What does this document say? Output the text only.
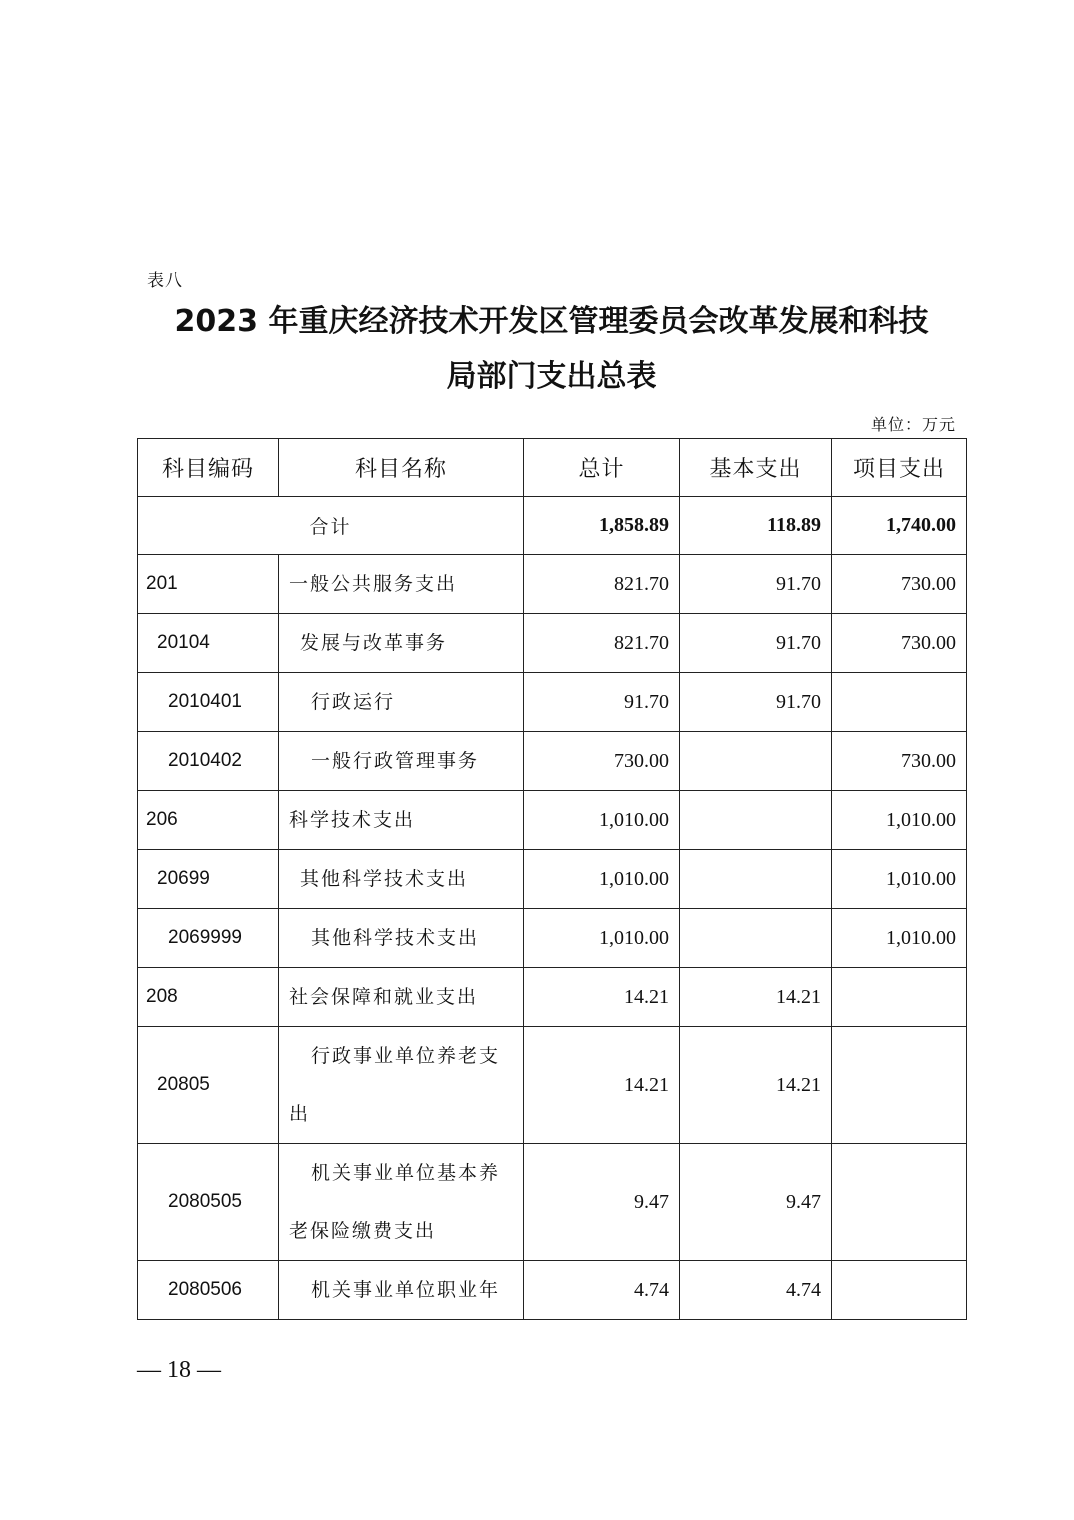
表八
2023 年重庆经济技术开发区管理委员会改革发展和科技
局部门支出总表
单位：万元
科目编码	科目名称	总计	基本支出	项目支出
合计		1,858.89	118.89	1,740.00
201	一般公共服务支出	821.70	91.70	730.00
20104	发展与改革事务	821.70	91.70	730.00
2010401	行政运行	91.70	91.70	
2010402	一般行政管理事务	730.00		730.00
206	科学技术支出	1,010.00		1,010.00
20699	其他科学技术支出	1,010.00		1,010.00
2069999	其他科学技术支出	1,010.00		1,010.00
208	社会保障和就业支出	14.21	14.21	
20805	行政事业单位养老支出	14.21	14.21	
2080505	机关事业单位基本养老保险缴费支出	9.47	9.47	
2080506	机关事业单位职业年	4.74	4.74	
— 18 —
